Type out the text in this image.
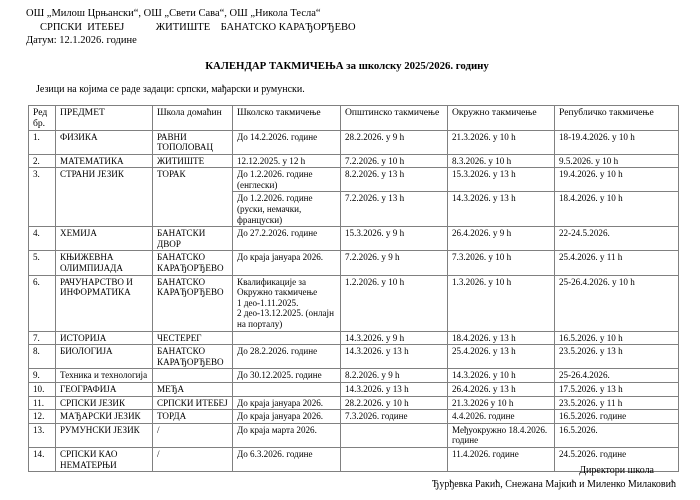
ОШ „Милош Црњански“, ОШ „Свети Сава“, ОШ „Никола Тесла“
СРПСКИ  ИТЕБЕЈ            ЖИТИШТЕ    БАНАТСКО КАРАЂОРЂЕВО
Датум: 12.1.2026. године
КАЛЕНДАР ТАКМИЧЕЊА за школску 2025/2026. годину
Језици на којима се раде задаци: српски, мађарски и румунски.
Ред бр.	ПРЕДМЕТ	Школа домаћин	Школско такмичење	Општинско такмичење	Окружно такмичење	Републичко такмичење
1.	ФИЗИКА	РАВНИ ТОПОЛОВАЦ	До 14.2.2026. године	28.2.2026. у 9 h	21.3.2026. у 10 h	18-19.4.2026. у 10 h
2.	МАТЕМАТИКА	ЖИТИШТЕ	12.12.2025. у 12 h	7.2.2026. у 10 h	8.3.2026. у 10 h	9.5.2026. у 10 h
3.	СТРАНИ ЈЕЗИК	ТОРАК	До 1.2.2026. године (енглески)	8.2.2026. у 13 h	15.3.2026. у 13 h	19.4.2026. у 10 h
			До 1.2.2026. године (руски, немачки, француски)	7.2.2026. у 13 h	14.3.2026. у 13 h	18.4.2026. у 10 h
4.	ХЕМИЈА	БАНАТСКИ ДВОР	До 27.2.2026. године	15.3.2026. у 9 h	26.4.2026. у 9 h	22-24.5.2026.
5.	КЊИЖЕВНА ОЛИМПИЈАДА	БАНАТСКО КАРАЂОРЂЕВО	До краја јануара 2026.	7.2.2026. у 9 h	7.3.2026. у 10 h	25.4.2026. у 11 h
6.	РАЧУНАРСТВО И ИНФОРМАТИКА	БАНАТСКО КАРАЂОРЂЕВО	Квалификације за Окружно такмичење
1 део-1.11.2025.
2 део-13.12.2025. (онлајн на порталу)	1.2.2026. у 10 h	1.3.2026. у 10 h	25-26.4.2026. у 10 h
7.	ИСТОРИЈА	ЧЕСТЕРЕГ		14.3.2026. у 9 h	18.4.2026. у 13 h	16.5.2026. у 10 h
8.	БИОЛОГИЈА	БАНАТСКО КАРАЂОРЂЕВО	До 28.2.2026. године	14.3.2026. у 13 h	25.4.2026. у 13 h	23.5.2026. у 13 h
9.	Техника и технологија		До 30.12.2025. године	8.2.2026. у 9 h	14.3.2026. у 10 h	25-26.4.2026.
10.	ГЕОГРАФИЈА	МЕЂА		14.3.2026. у 13 h	26.4.2026. у 13 h	17.5.2026. у 13 h
11.	СРПСКИ ЈЕЗИК	СРПСКИ ИТЕБЕЈ	До краја јануара 2026.	28.2.2026. у 10 h	21.3.2026 у 10 h	23.5.2026. у 11 h
12.	МАЂАРСКИ ЈЕЗИК	ТОРДА	До краја јануара 2026.	7.3.2026. године	4.4.2026. године	16.5.2026. године
13.	РУМУНСКИ ЈЕЗИК	/	До краја марта 2026.		Међуокружно 18.4.2026. године	16.5.2026.
14.	СРПСКИ КАО НЕМАТЕРЊИ	/	До 6.3.2026. године		11.4.2026. године	24.5.2026. године
Директори школа
Ђурђевка Ракић, Снежана Мајкић и Миленко Милаковић
